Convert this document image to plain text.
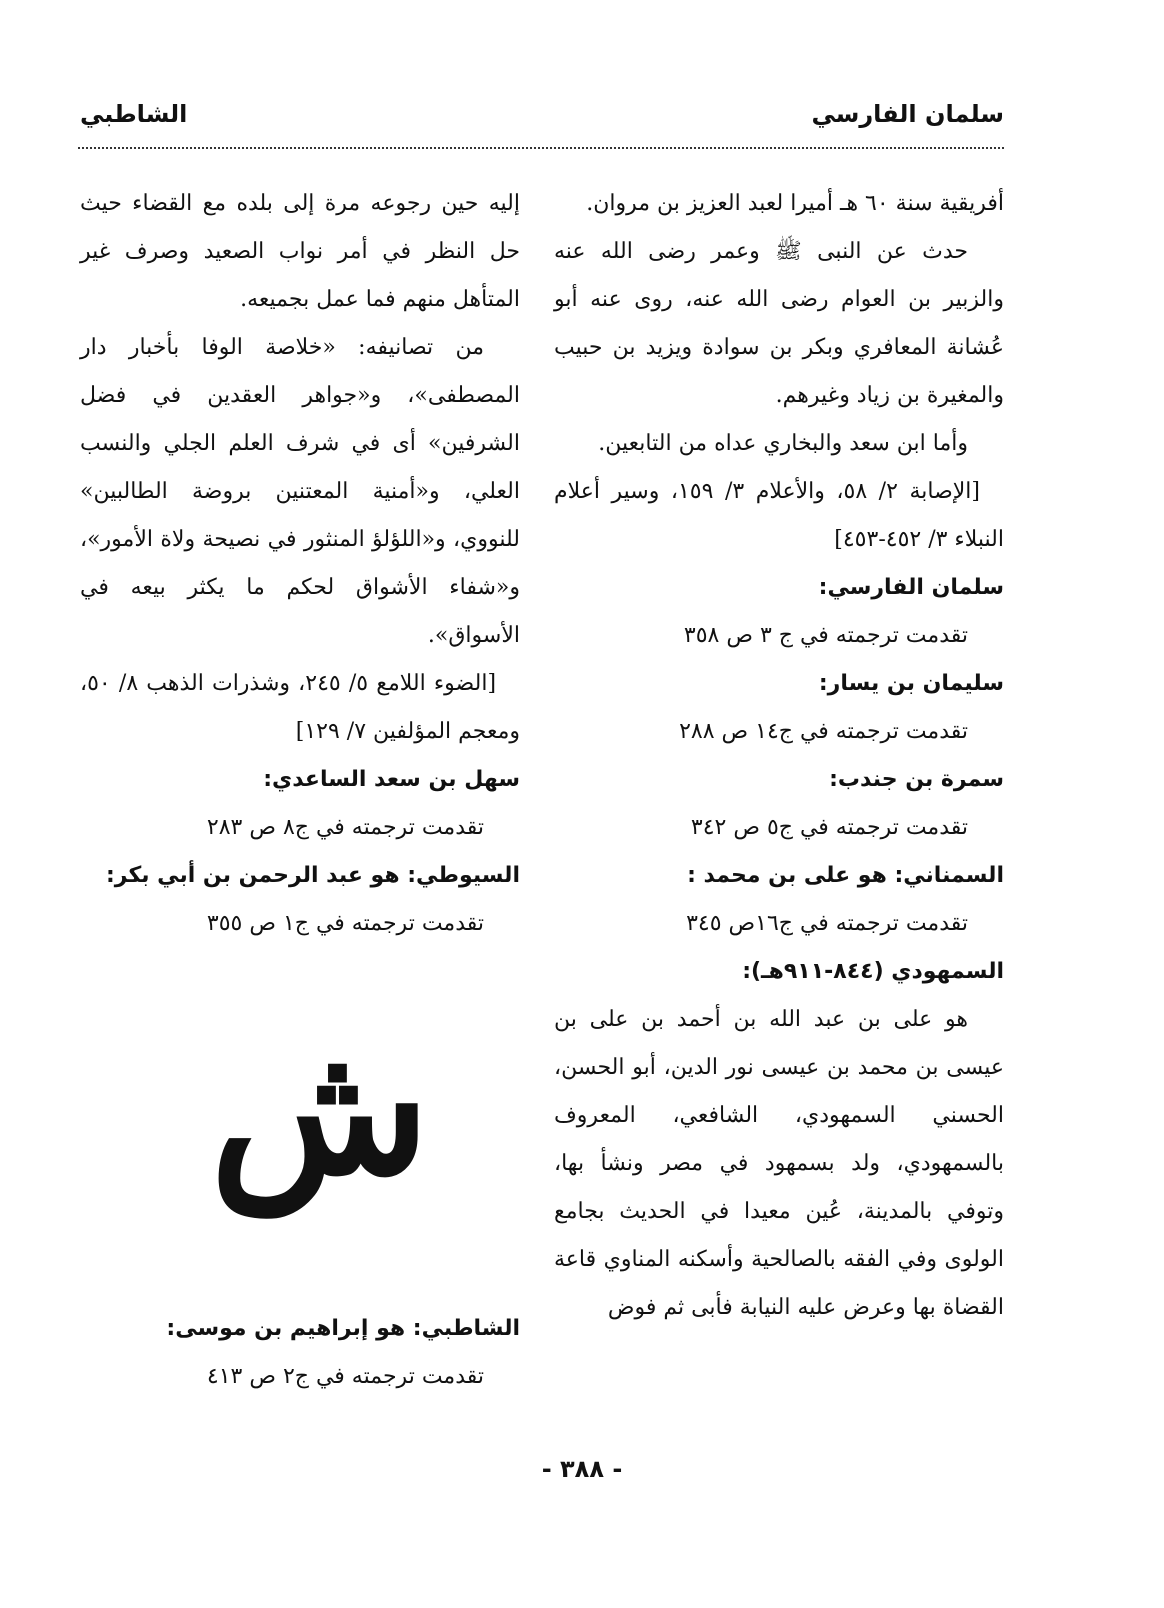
سلمان الفارسي
الشاطبي

أفريقية سنة ٦٠ هـ أميرا لعبد العزيز بن مروان.

حدث عن النبى ﷺ وعمر رضى الله عنه والزبير بن العوام رضى الله عنه، روى عنه أبو عُشانة المعافري وبكر بن سوادة ويزيد بن حبيب والمغيرة بن زياد وغيرهم.

وأما ابن سعد والبخاري عداه من التابعين.

[الإصابة ٢/ ٥٨، والأعلام ٣/ ١٥٩، وسير أعلام النبلاء ٣/ ٤٥٢-٤٥٣]

سلمان الفارسي:

تقدمت ترجمته في ج ٣ ص ٣٥٨

سليمان بن يسار:

تقدمت ترجمته في ج١٤ ص ٢٨٨

سمرة بن جندب:

تقدمت ترجمته في ج٥ ص ٣٤٢

السمناني: هو على بن محمد :

تقدمت ترجمته في ج١٦ص ٣٤٥

السمهودي (٨٤٤-٩١١هـ):

هو على بن عبد الله بن أحمد بن على بن عيسى بن محمد بن عيسى نور الدين، أبو الحسن، الحسني السمهودي، الشافعي، المعروف بالسمهودي، ولد بسمهود في مصر ونشأ بها، وتوفي بالمدينة، عُين معيدا في الحديث بجامع الولوى وفي الفقه بالصالحية وأسكنه المناوي قاعة القضاة بها وعرض عليه النيابة فأبى ثم فوض

إليه حين رجوعه مرة إلى بلده مع القضاء حيث حل النظر في أمر نواب الصعيد وصرف غير المتأهل منهم فما عمل بجميعه.

من تصانيفه: «خلاصة الوفا بأخبار دار المصطفى»، و«جواهر العقدين في فضل الشرفين» أى في شرف العلم الجلي والنسب العلي، و«أمنية المعتنين بروضة الطالبين» للنووي، و«اللؤلؤ المنثور في نصيحة ولاة الأمور»، و«شفاء الأشواق لحكم ما يكثر بيعه في الأسواق».

[الضوء اللامع ٥/ ٢٤٥، وشذرات الذهب ٨/ ٥٠، ومعجم المؤلفين ٧/ ١٢٩]

سهل بن سعد الساعدي:

تقدمت ترجمته في ج٨ ص ٢٨٣

السيوطي: هو عبد الرحمن بن أبي بكر:

تقدمت ترجمته في ج١ ص ٣٥٥

ش

الشاطبي: هو إبراهيم بن موسى:

تقدمت ترجمته في ج٢ ص ٤١٣

- ٣٨٨ -
